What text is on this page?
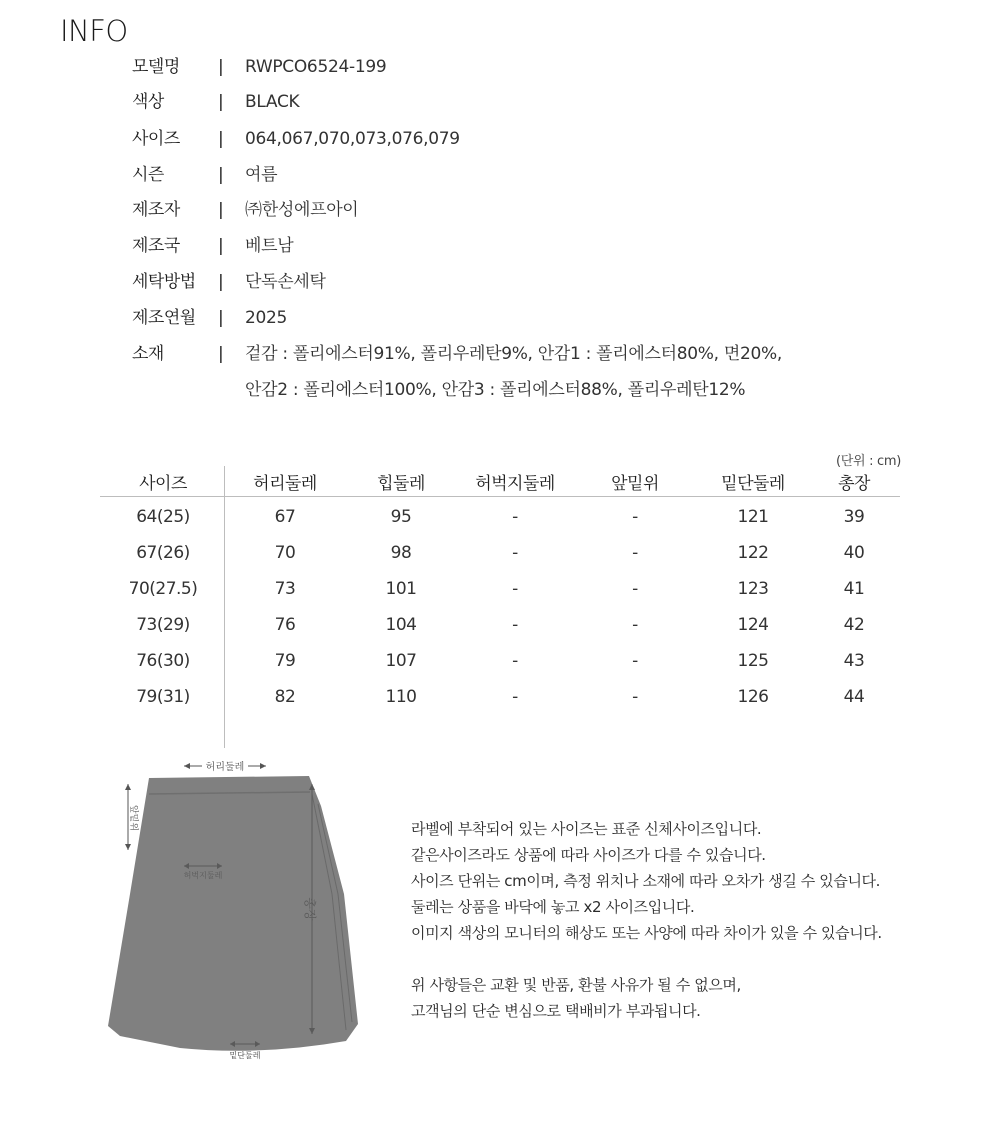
INFO
모델명	| RWPCO6524-199
색상	| BLACK
사이즈	| 064,067,070,073,076,079
시즌	| 여름
제조자	| ㈜한성에프아이
제조국	| 베트남
세탁방법	| 단독손세탁
제조연월	| 2025
소재	| 겉감 : 폴리에스터91%, 폴리우레탄9%, 안감1 : 폴리에스터80%, 면20%,
안감2 : 폴리에스터100%, 안감3 : 폴리에스터88%, 폴리우레탄12%
(단위 : cm)
사이즈	허리둘레	힙둘레	허벅지둘레	앞밑위	밑단둘레	총장
64(25)	67	95	-	-	121	39
67(26)	70	98	-	-	122	40
70(27.5)	73	101	-	-	123	41
73(29)	76	104	-	-	124	42
76(30)	79	107	-	-	125	43
79(31)	82	110	-	-	126	44
허리둘레
앞밑위
허벅지둘레
총장
밑단둘레

라벨에 부착되어 있는 사이즈는 표준 신체사이즈입니다.

같은사이즈라도 상품에 따라 사이즈가 다를 수 있습니다.

사이즈 단위는 cm이며, 측정 위치나 소재에 따라 오차가 생길 수 있습니다.

둘레는 상품을 바닥에 놓고 x2 사이즈입니다.

이미지 색상의 모니터의 해상도 또는 사양에 따라 차이가 있을 수 있습니다.

위 사항들은 교환 및 반품, 환불 사유가 될 수 없으며,

고객님의 단순 변심으로 택배비가 부과됩니다.
